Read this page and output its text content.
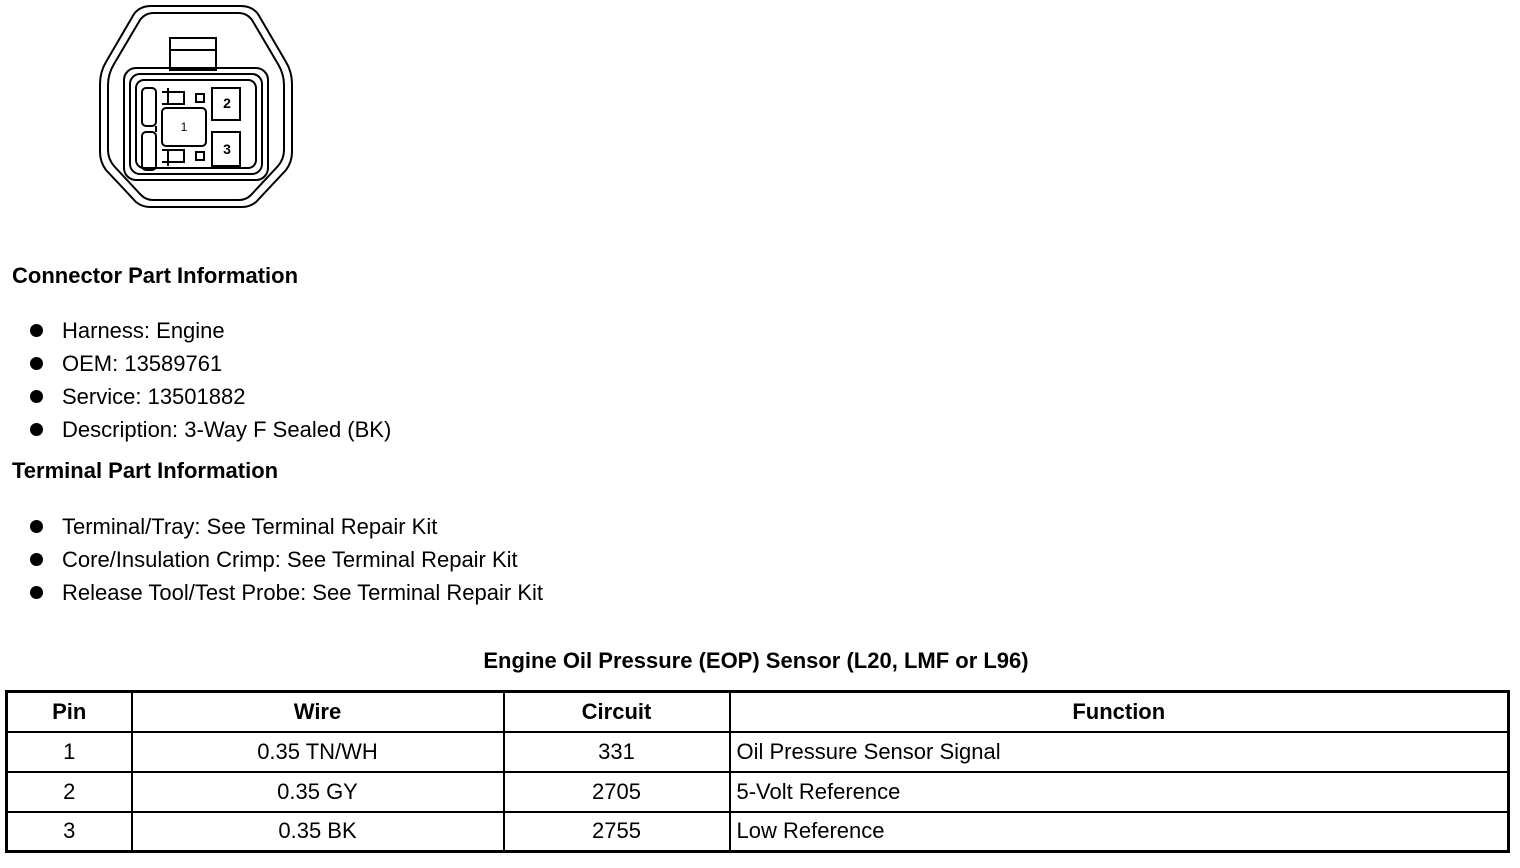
1
2
3
Connector Part Information
Harness: Engine
OEM: 13589761
Service: 13501882
Description: 3-Way F Sealed (BK)
Terminal Part Information
Terminal/Tray: See Terminal Repair Kit
Core/Insulation Crimp: See Terminal Repair Kit
Release Tool/Test Probe: See Terminal Repair Kit
Engine Oil Pressure (EOP) Sensor (L20, LMF or L96)
Pin	Wire	Circuit	Function
1	0.35 TN/WH	331	Oil Pressure Sensor Signal
2	0.35 GY	2705	5-Volt Reference
3	0.35 BK	2755	Low Reference
